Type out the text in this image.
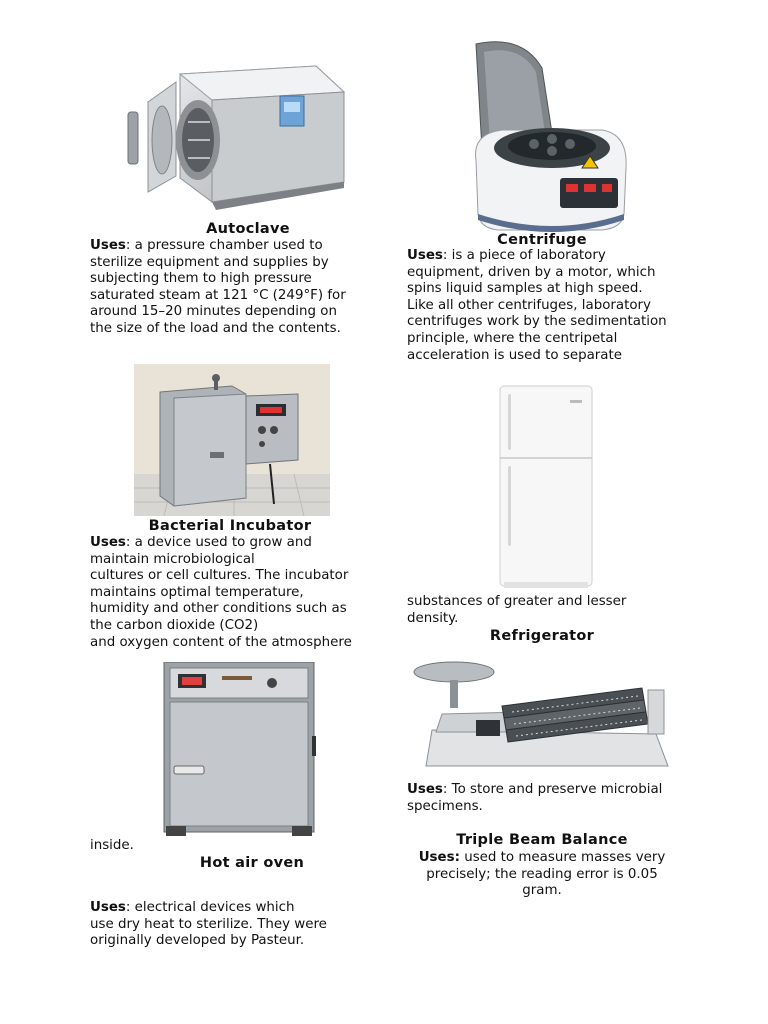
Autoclave
Uses: a pressure chamber used to
sterilize equipment and supplies by
subjecting them to high pressure
saturated steam at 121 °C (249°F) for
around 15–20 minutes depending on
the size of the load and the contents.
Centrifuge
Uses: is a piece of laboratory
equipment, driven by a motor, which
spins liquid samples at high speed.
Like all other centrifuges, laboratory
centrifuges work by the sedimentation
principle, where the centripetal
acceleration is used to separate
Bacterial Incubator
Uses: a device used to grow and
maintain microbiological
cultures or cell cultures. The incubator
maintains optimal temperature,
humidity and other conditions such as
the carbon dioxide (CO2)
and oxygen content of the atmosphere
substances of greater and lesser
density.
Refrigerator
inside.
Hot air oven
Uses: electrical devices which
use dry heat to sterilize. They were
originally developed by Pasteur.
Uses: To store and preserve microbial
specimens.
Triple Beam Balance
Uses: used to measure masses very
precisely; the reading error is 0.05
gram.
